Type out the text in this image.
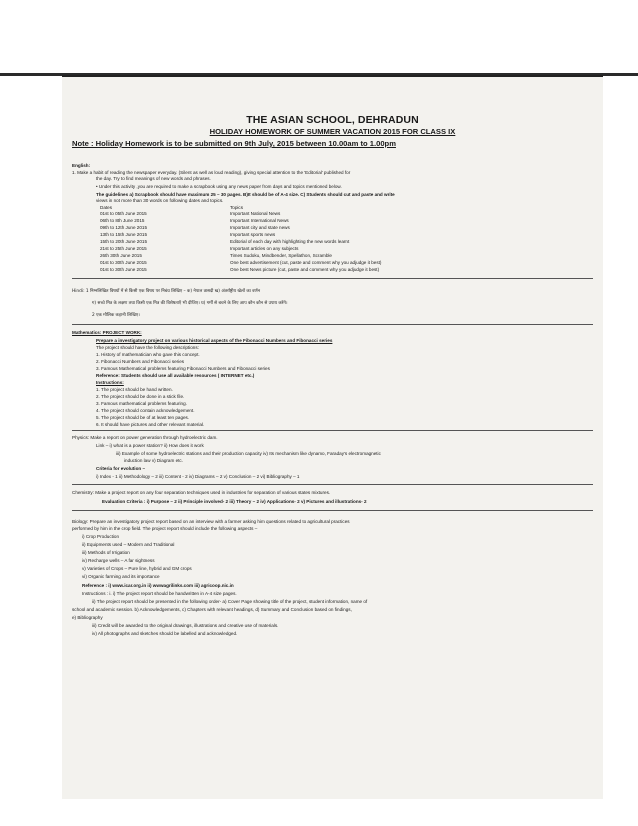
THE ASIAN SCHOOL, DEHRADUN
HOLIDAY HOMEWORK OF SUMMER VACATION 2015 FOR CLASS IX
Note : Holiday Homework is to be submitted on 9th July, 2015 between 10.00am to 1.00pm
English:
1. Make a habit of reading the newspaper everyday. (Silent as well as loud reading), giving special attention to the 'Editorial' published for
the day. Try to find meanings of new words and phrases.
• Under this activity ,you are required to make a scrapbook using any news paper from days and topics mentioned below.
The guidelines a) Scrapbook should have maximum 25 – 30 pages. B)It should be of A-4 size. C) Students should cut and paste and write
views in not more than 30 words on following dates and topics.
Dates	Topics
01st to 05th June 2015	Important National News
06th to 8th June 2015	Important International News
09th to 12th June 2015	Important city and state news
13th to 15th June 2015	Important sports news
15th to 20th June 2015	Editorial of each day with highlighting the new words learnt
21st to 25th June 2015	Important articles on any subjects
26th 30th June 2015	Times Sudoku, Mindbender, Spellathon, Scramble
01st to 30th June 2015	One best advertisement (cut, paste and comment why you adjudge it best)
01st to 30th June 2015	One best News picture (cut, paste and comment why you adjudge it best)
Hindi: 1 निम्नलिखित विषयों में से किसी एक विषय पर निबंध लिखिए – क) नेपाल त्रासदी ख) अंतर्राष्ट्रीय खेलों का वर्णन
ग) सच्चे मित्र के लक्षण तथा किसी एक मित्र की विशेषताएँ भी दीजिए। घ) गर्मी से बचने के लिए आप कौन कौन से उपाय करेंगे।
2 एक मौलिक कहानी लिखिए।
Mathematics: PROJECT WORK:
Prepare a investigatory project on various historical aspects of the Fibonacci Numbers and Fibonacci series
The project should have the following descriptions:
1. History of mathematician who gave this concept.
2. Fibonacci Numbers and Fibonacci series
3. Famous Mathematical problems featuring Fibonacci Numbers and Fibonacci series
Reference: Students should use all available resources ( INTERNET etc.)
Instructions:
1. The project should be hand written.
2. The project should be done in a stick file.
3. Famous mathematical problems featuring.
4. The project should contain acknowledgement.
5. The project should be of at least ten pages.
6. It should have pictures and other relevant material.
Physics: Make a report on power generation through hydroelectric dam.
Link – i) what is a power station? ii) How does it work
iii) Example of some hydroelectric stations and their production capacity iv) Its mechanism like dynamo, Faraday's electromagnetic
induction law v) Diagram etc.
Criteria for evolution –
i) Index - 1 ii) Methodology – 2 iii) Content - 2 iv) Diagrams – 2 v) Conclusion – 2 vi) Bibliography – 1
Chemistry: Make a project report on any four separation techniques used in industries for separation of various states mixtures.
Evaluation Criteria : i) Purpose – 2 ii) Principle involved- 2 iii) Theory – 2 iv) Applications- 2 v) Pictures and illustrations- 2
Biology: Prepare an investigatory project report based on an interview with a farmer asking him questions related to agricultural practices
performed by him in the crop field. The project report should include the following aspects –
i) Crop Production
ii) Equipments used – Modern and Traditional
iii) Methods of Irrigation
iv) Recharge wells – A far sightness
v) Varieties of Crops – Pure line, hybrid and GM crops
vi) Organic farming and its importance
Reference : i) www.icar.org.in ii) wwwagrilinks.com iii) agricoop.nic.in
Instructions : i. i) The project report should be handwritten in A-4 size pages.
ii) The project report should be presented in the following order- a) Cover Page showing title of the project, student information, name of
school and academic session. b) Acknowledgements, c) Chapters with relevant headings, d) Summary and Conclusion based on findings,
e) Bibliography
iii) Credit will be awarded to the original drawings, illustrations and creative use of materials.
iv) All photographs and sketches should be labelled and acknowledged.
